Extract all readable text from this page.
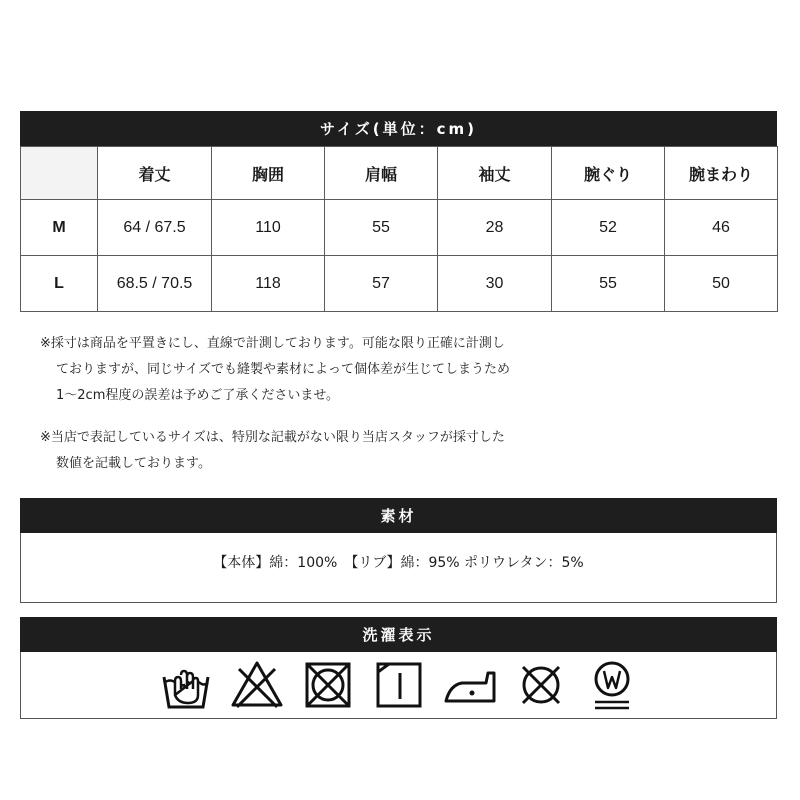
サイズ(単位：cm)
	着丈	胸囲	肩幅	袖丈	腕ぐり	腕まわり
M	64 / 67.5	110	55	28	52	46
L	68.5 / 70.5	118	57	30	55	50

※採寸は商品を平置きにし、直線で計測しております。可能な限り正確に計測し

ておりますが、同じサイズでも縫製や素材によって個体差が生じてしまうため

1〜2cm程度の誤差は予めご了承くださいませ。

※当店で表記しているサイズは、特別な記載がない限り当店スタッフが採寸した

数値を記載しております。

素材
【本体】綿：100%　【リブ】綿：95% ポリウレタン：5%
洗濯表示
